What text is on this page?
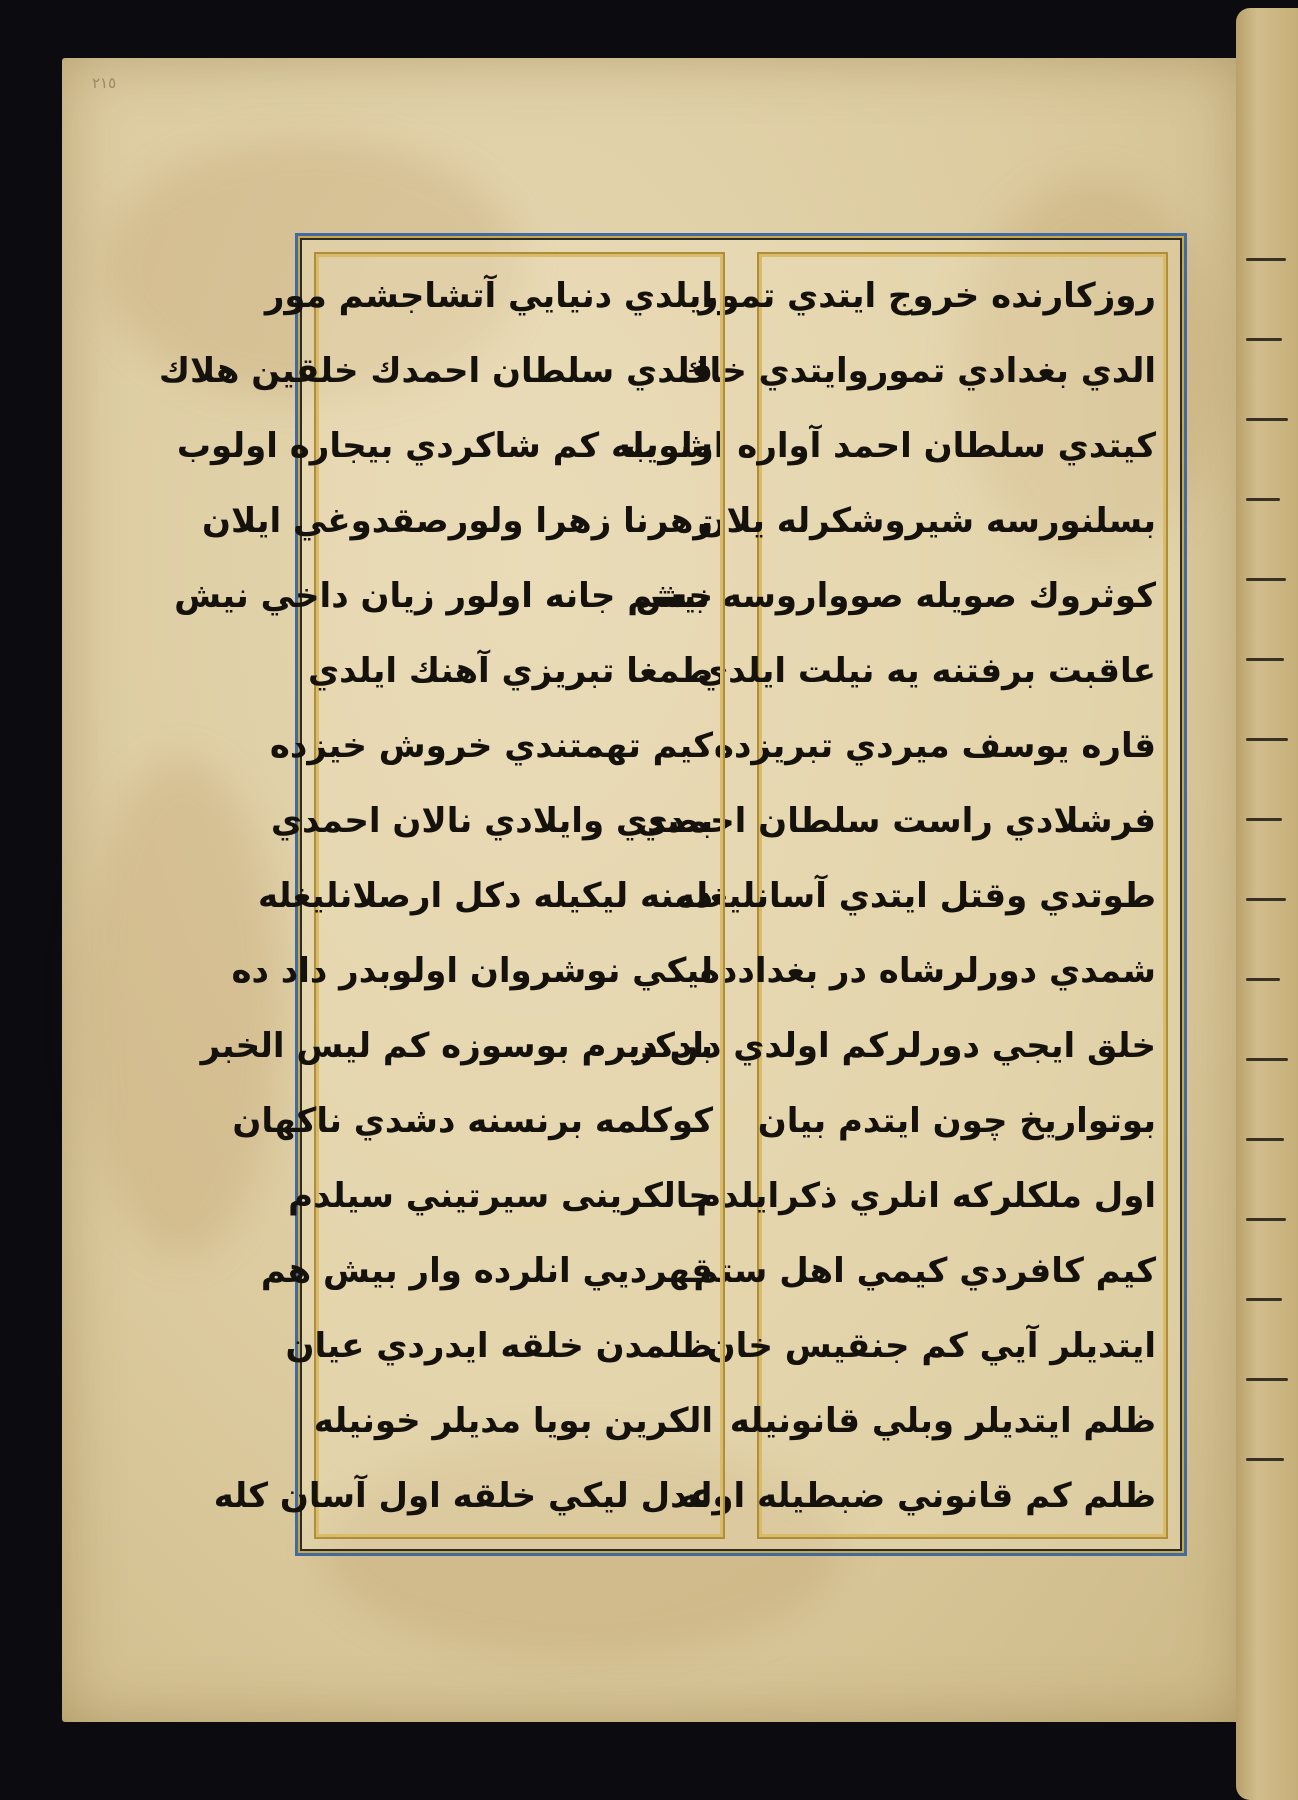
٢١٥
روزكارنده خروج ايتدي تمور
الدي بغدادي تموروايتدي خاك
كيتدي سلطان احمد آواره اولوب
بسلنورسه شيروشكرله يلان
كوثروك صويله صوواروسه نيش
عاقبت برفتنه يه نيلت ايلدي
قاره يوسف ميردي تبريزده
فرشلادي راست سلطان احمدي
طوتدي وقتل ايتدي آسانليغله
شمدي دورلرشاه در بغدادده
خلق ايجي دورلركم اولدي دادكر
بوتواريخ چون ايتدم بيان
اول ملكلركه انلري ذكرايلدم
كيم كافردي كيمي اهل ستم
ايتديلر آيي كم جنقيس خان
ظلم ايتديلر وبلي قانونيله
ظلم كم قانوني ضبطيله اوله
ايلدي دنيايي آتشاجشم مور
قلدي سلطان احمدك خلقين هلاك
شويله كم شاكردي بيجاره اولوب
زهرنا زهرا ولورصقدوغي ايلان
جشم جانه اولور زيان داخي نيش
طمغا تبريزي آهنك ايلدي
كيم تهمتندي خروش خيزده
بصدي وايلادي نالان احمدي
دمنه ليكيله دكل ارصلانليغله
ليكي نوشروان اولوبدر داد ده
بن ديرم بوسوزه كم ليس الخبر
كوكلمه برنسنه دشدي ناكهان
حالكرينى سيرتيني سيلدم
قهرديي انلرده وار بيش هم
ظلمدن خلقه ايدردي عيان
الكرين بويا مديلر خونيله
عدل ليكي خلقه اول آسان كله
